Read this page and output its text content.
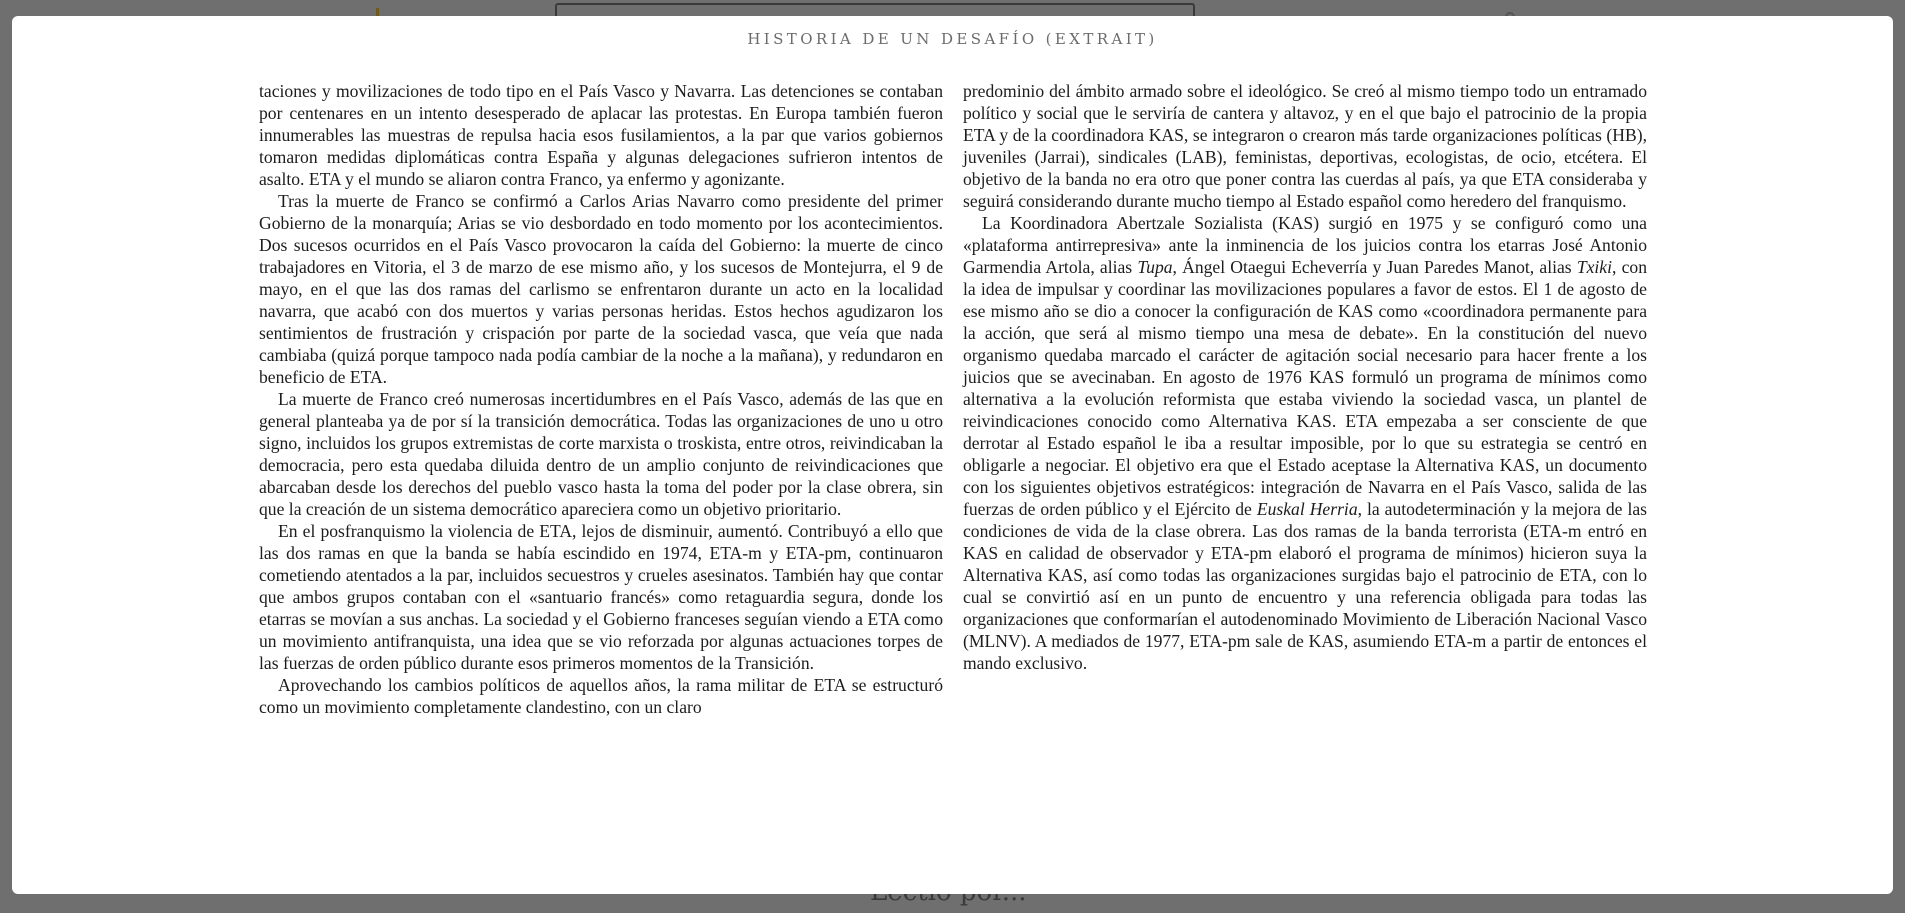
HISTORIA DE UN DESAFÍO (EXTRAIT)

taciones y movilizaciones de todo tipo en el País Vasco y Navarra. Las detenciones se contaban por centenares en un intento desesperado de aplacar las protestas. En Europa también fueron innumerables las muestras de repulsa hacia esos fusilamientos, a la par que varios gobiernos tomaron medidas diplomáticas contra España y algunas delegaciones sufrieron intentos de asalto. ETA y el mundo se aliaron contra Franco, ya enfermo y agonizante.

Tras la muerte de Franco se confirmó a Carlos Arias Navarro como presidente del primer Gobierno de la monarquía; Arias se vio desbordado en todo momento por los acontecimientos. Dos sucesos ocurridos en el País Vasco provocaron la caída del Gobierno: la muerte de cinco trabajadores en Vitoria, el 3 de marzo de ese mismo año, y los sucesos de Montejurra, el 9 de mayo, en el que las dos ramas del carlismo se enfrentaron durante un acto en la localidad navarra, que acabó con dos muertos y varias personas heridas. Estos hechos agudizaron los sentimientos de frustración y crispación por parte de la sociedad vasca, que veía que nada cambiaba (quizá porque tampoco nada podía cambiar de la noche a la mañana), y redundaron en beneficio de ETA.

La muerte de Franco creó numerosas incertidumbres en el País Vasco, además de las que en general planteaba ya de por sí la transición democrática. Todas las organizaciones de uno u otro signo, incluidos los grupos extremistas de corte marxista o troskista, entre otros, reivindicaban la democracia, pero esta quedaba diluida dentro de un amplio conjunto de reivindicaciones que abarcaban desde los derechos del pueblo vasco hasta la toma del poder por la clase obrera, sin que la creación de un sistema democrático apareciera como un objetivo prioritario.

En el posfranquismo la violencia de ETA, lejos de disminuir, aumentó. Contribuyó a ello que las dos ramas en que la banda se había escindido en 1974, ETA-m y ETA-pm, continuaron cometiendo atentados a la par, incluidos secuestros y crueles asesinatos. También hay que contar que ambos grupos contaban con el «santuario francés» como retaguardia segura, donde los etarras se movían a sus anchas. La sociedad y el Gobierno franceses seguían viendo a ETA como un movimiento antifranquista, una idea que se vio reforzada por algunas actuaciones torpes de las fuerzas de orden público durante esos primeros momentos de la Transición.

Aprovechando los cambios políticos de aquellos años, la rama militar de ETA se estructuró como un movimiento completamente clandestino, con un claro

predominio del ámbito armado sobre el ideológico. Se creó al mismo tiempo todo un entramado político y social que le serviría de cantera y altavoz, y en el que bajo el patrocinio de la propia ETA y de la coordinadora KAS, se integraron o crearon más tarde organizaciones políticas (HB), juveniles (Jarrai), sindicales (LAB), feministas, deportivas, ecologistas, de ocio, etcétera. El objetivo de la banda no era otro que poner contra las cuerdas al país, ya que ETA consideraba y seguirá considerando durante mucho tiempo al Estado español como heredero del franquismo.

La Koordinadora Abertzale Sozialista (KAS) surgió en 1975 y se configuró como una «plataforma antirrepresiva» ante la inminencia de los juicios contra los etarras José Antonio Garmendia Artola, alias Tupa, Ángel Otaegui Echeverría y Juan Paredes Manot, alias Txiki, con la idea de impulsar y coordinar las movilizaciones populares a favor de estos. El 1 de agosto de ese mismo año se dio a conocer la configuración de KAS como «coordinadora permanente para la acción, que será al mismo tiempo una mesa de debate». En la constitución del nuevo organismo quedaba marcado el carácter de agitación social necesario para hacer frente a los juicios que se avecinaban. En agosto de 1976 KAS formuló un programa de mínimos como alternativa a la evolución reformista que estaba viviendo la sociedad vasca, un plantel de reivindicaciones conocido como Alternativa KAS. ETA empezaba a ser consciente de que derrotar al Estado español le iba a resultar imposible, por lo que su estrategia se centró en obligarle a negociar. El objetivo era que el Estado aceptase la Alternativa KAS, un documento con los siguientes objetivos estratégicos: integración de Navarra en el País Vasco, salida de las fuerzas de orden público y el Ejército de Euskal Herria, la autodeterminación y la mejora de las condiciones de vida de la clase obrera. Las dos ramas de la banda terrorista (ETA-m entró en KAS en calidad de observador y ETA-pm elaboró el programa de mínimos) hicieron suya la Alternativa KAS, así como todas las organizaciones surgidas bajo el patrocinio de ETA, con lo cual se convirtió así en un punto de encuentro y una referencia obligada para todas las organizaciones que conformarían el autodenominado Movimiento de Liberación Nacional Vasco (MLNV). A mediados de 1977, ETA-pm sale de KAS, asumiendo ETA-m a partir de entonces el mando exclusivo.
